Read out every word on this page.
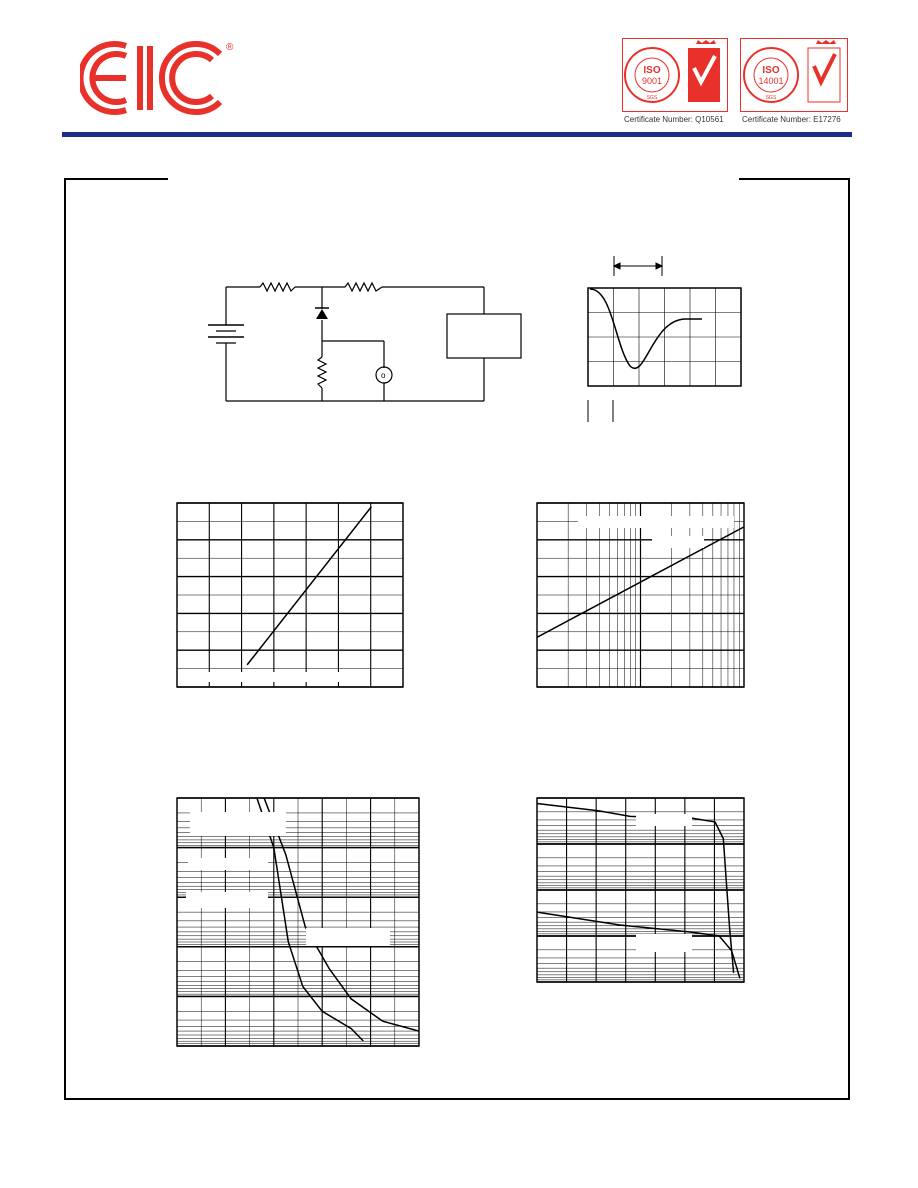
®
ISO
9001
SGS
Certificate Number: Q10561
ISO
14001
SGS
Certificate Number: E17276
o
